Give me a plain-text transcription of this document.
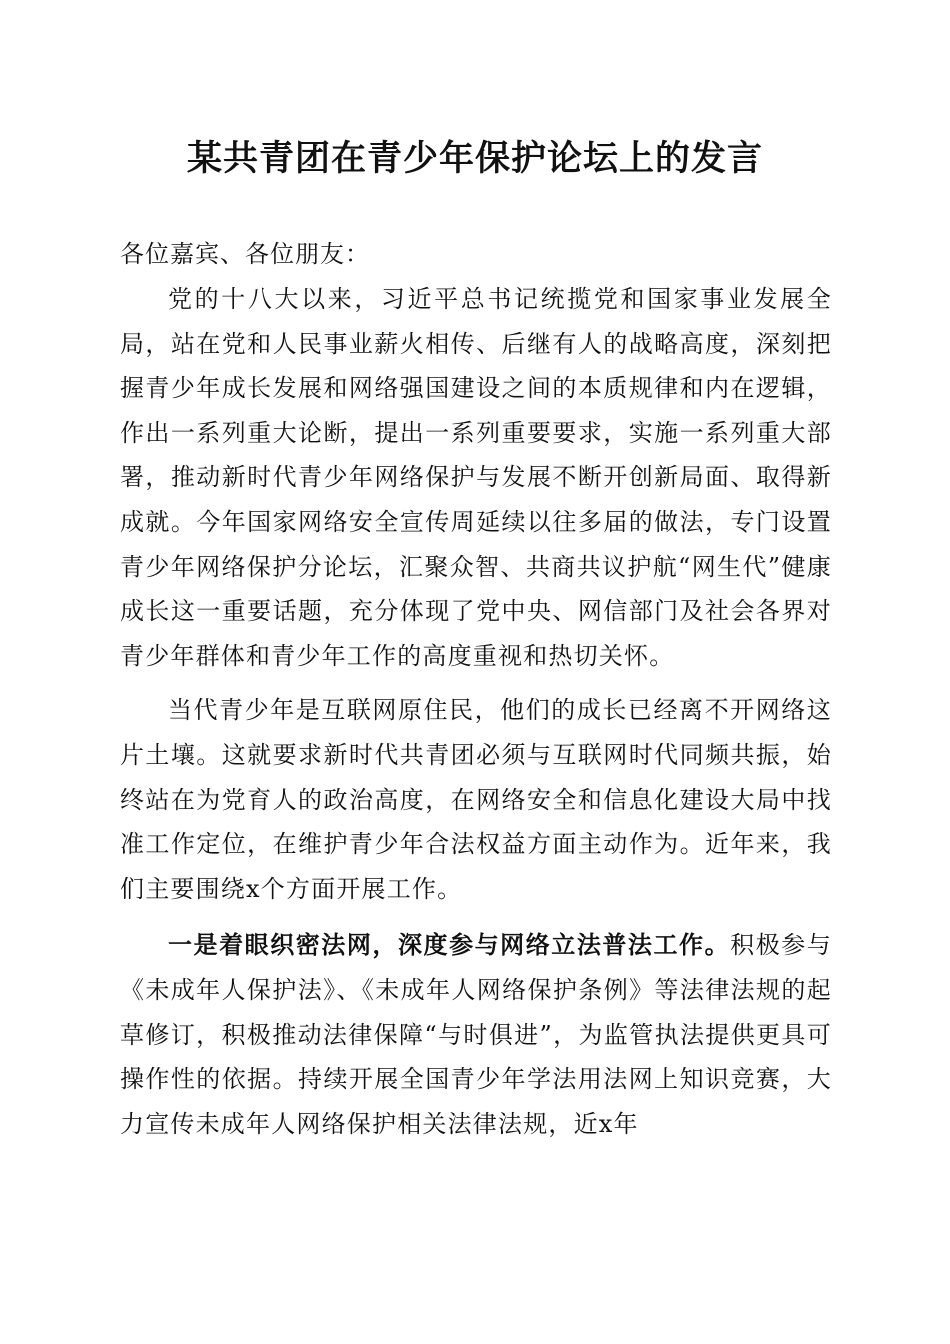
某共青团在青少年保护论坛上的发言

各位嘉宾、各位朋友：

党的十八大以来，习近平总书记统揽党和国家事业发展全局，站在党和人民事业薪火相传、后继有人的战略高度，深刻把握青少年成长发展和网络强国建设之间的本质规律和内在逻辑，作出一系列重大论断，提出一系列重要要求，实施一系列重大部署，推动新时代青少年网络保护与发展不断开创新局面、取得新成就。今年国家网络安全宣传周延续以往多届的做法，专门设置青少年网络保护分论坛，汇聚众智、共商共议护航“网生代”健康成长这一重要话题，充分体现了党中央、网信部门及社会各界对青少年群体和青少年工作的高度重视和热切关怀。

当代青少年是互联网原住民，他们的成长已经离不开网络这片土壤。这就要求新时代共青团必须与互联网时代同频共振，始终站在为党育人的政治高度，在网络安全和信息化建设大局中找准工作定位，在维护青少年合法权益方面主动作为。近年来，我们主要围绕x个方面开展工作。

一是着眼织密法网，深度参与网络立法普法工作。积极参与《未成年人保护法》、《未成年人网络保护条例》等法律法规的起草修订，积极推动法律保障“与时俱进”，为监管执法提供更具可操作性的依据。持续开展全国青少年学法用法网上知识竞赛，大力宣传未成年人网络保护相关法律法规，近x年
